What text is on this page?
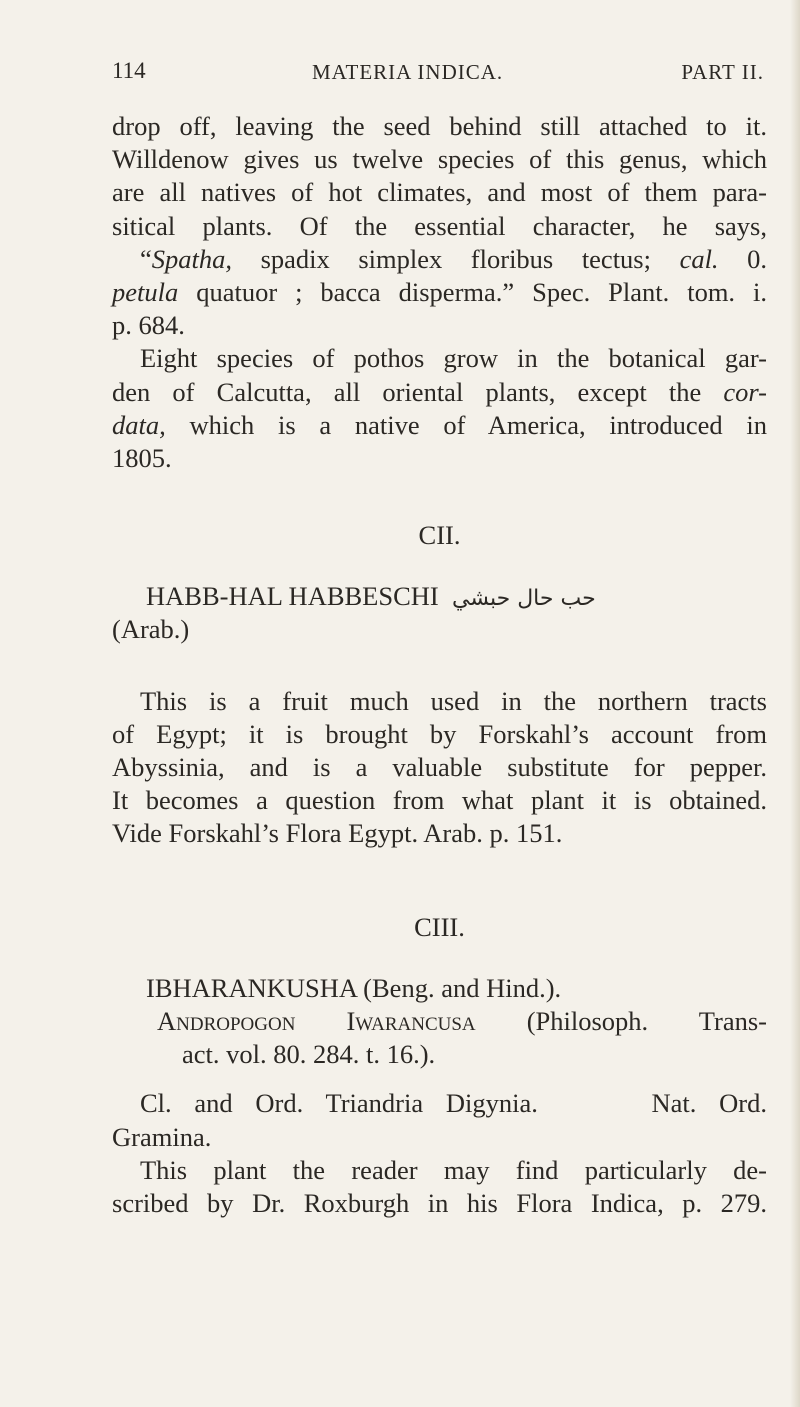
114	MATERIA INDICA.	PART II.
drop off, leaving the seed behind still attached to it.
Willdenow gives us twelve species of this genus, which
are all natives of hot climates, and most of them para-
sitical plants. Of the essential character, he says,
“Spatha, spadix simplex floribus tectus; cal. 0.
petula quatuor ; bacca disperma.” Spec. Plant. tom. i.
p. 684.
Eight species of pothos grow in the botanical gar-
den of Calcutta, all oriental plants, except the cor-
data, which is a native of America, introduced in
1805.
CII.
HABB-HAL HABBESCHI حب حال حبشي
(Arab.)
This is a fruit much used in the northern tracts
of Egypt; it is brought by Forskahl’s account from
Abyssinia, and is a valuable substitute for pepper.
It becomes a question from what plant it is obtained.
Vide Forskahl’s Flora Egypt. Arab. p. 151.
CIII.
IBHARANKUSHA (Beng. and Hind.).
Andropogon Iwarancusa (Philosoph. Trans-
act. vol. 80. 284. t. 16.).
Cl. and Ord. Triandria Digynia.     Nat. Ord.
Gramina.
This plant the reader may find particularly de-
scribed by Dr. Roxburgh in his Flora Indica, p. 279.
